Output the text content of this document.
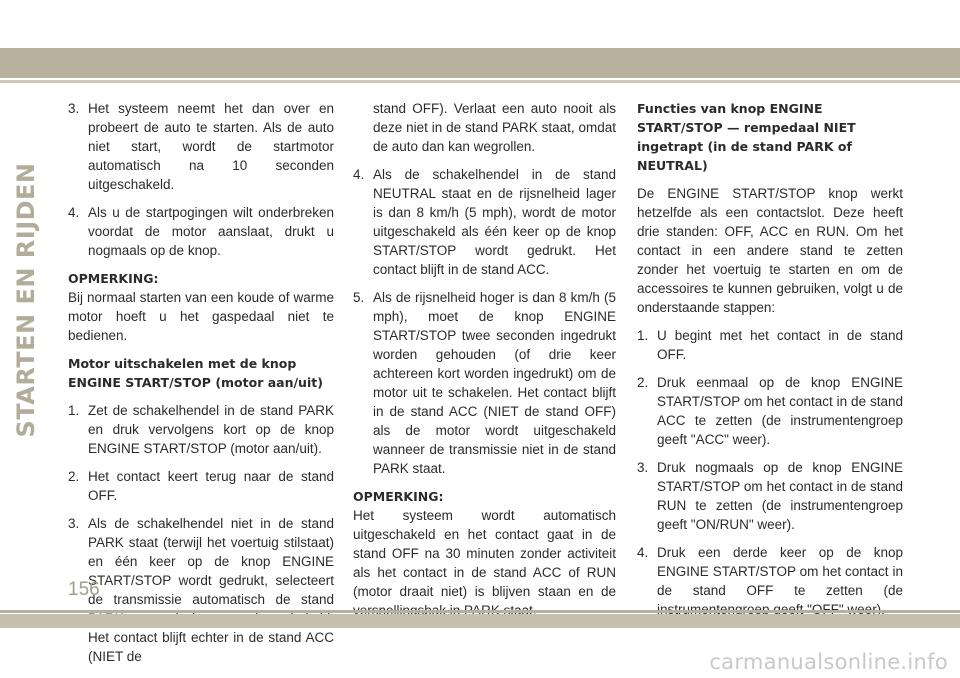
STARTEN EN RIJDEN
3. Het systeem neemt het dan over en probeert de auto te starten. Als de auto niet start, wordt de startmotor automatisch na 10 seconden uitgeschakeld.
4. Als u de startpogingen wilt onderbreken voordat de motor aanslaat, drukt u nogmaals op de knop.
OPMERKING:

Bij normaal starten van een koude of warme motor hoeft u het gaspedaal niet te bedienen.

Motor uitschakelen met de knop ENGINE START/STOP (motor aan/uit)
1. Zet de schakelhendel in de stand PARK en druk vervolgens kort op de knop ENGINE START/STOP (motor aan/uit).
2. Het contact keert terug naar de stand OFF.
3. Als de schakelhendel niet in de stand PARK staat (terwijl het voertuig stilstaat) en één keer op de knop ENGINE START/STOP wordt gedrukt, selecteert de transmissie automatisch de stand Het contact blijft echter in de stand ACC (NIET de
stand OFF). Verlaat een auto nooit als deze niet in de stand PARK staat, omdat de auto dan kan wegrollen.
4. Als de schakelhendel in de stand NEUTRAL staat en de rijsnelheid lager is dan 8 km/h (5 mph), wordt de motor uitgeschakeld als één keer op de knop START/STOP wordt gedrukt. Het contact blijft in de stand ACC.
5. Als de rijsnelheid hoger is dan 8 km/h (5 mph), moet de knop ENGINE START/STOP twee seconden ingedrukt worden gehouden (of drie keer achtereen kort worden ingedrukt) om de motor uit te schakelen. Het contact blijft in de stand ACC (NIET de stand OFF) als de motor wordt uitgeschakeld wanneer de transmissie niet in de stand PARK staat.
OPMERKING:

Het systeem wordt automatisch uitgeschakeld en het contact gaat in de stand OFF na 30 minuten zonder activiteit als het contact in de stand ACC of RUN (motor draait niet) is blijven staan en de

Functies van knop ENGINE START/STOP — rempedaal NIET ingetrapt (in de stand PARK of NEUTRAL)

De ENGINE START/STOP knop werkt hetzelfde als een contactslot. Deze heeft drie standen: OFF, ACC en RUN. Om het contact in een andere stand te zetten zonder het voertuig te starten en om de accessoires te kunnen gebruiken, volgt u de onderstaande stappen:

1. U begint met het contact in de stand OFF.
2. Druk eenmaal op de knop ENGINE START/STOP om het contact in de stand ACC te zetten (de instrumentengroep geeft "ACC" weer).
3. Druk nogmaals op de knop ENGINE START/STOP om het contact in de stand RUN te zetten (de instrumentengroep geeft "ON/RUN" weer).
4. Druk een derde keer op de knop ENGINE START/STOP om het contact in de stand OFF te zetten (de
156
carmanualsonline.info
